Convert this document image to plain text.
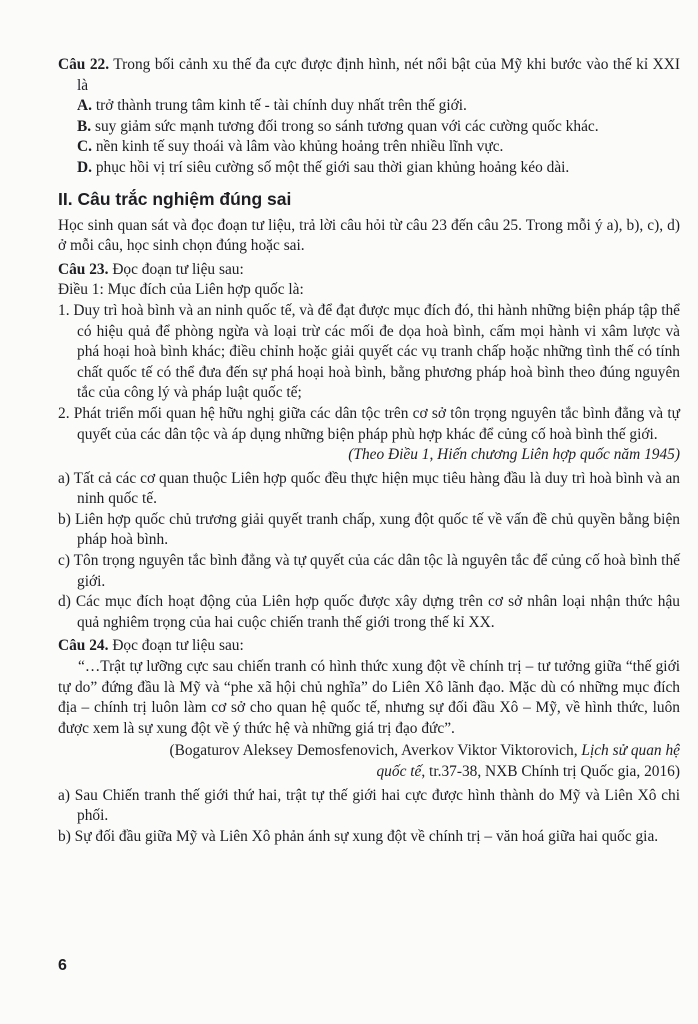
Câu 22. Trong bối cảnh xu thế đa cực được định hình, nét nổi bật của Mỹ khi bước vào thế kỉ XXI là

A. trở thành trung tâm kinh tế - tài chính duy nhất trên thế giới.

B. suy giảm sức mạnh tương đối trong so sánh tương quan với các cường quốc khác.

C. nền kinh tế suy thoái và lâm vào khủng hoảng trên nhiều lĩnh vực.

D. phục hồi vị trí siêu cường số một thế giới sau thời gian khủng hoảng kéo dài.

II. Câu trắc nghiệm đúng sai

Học sinh quan sát và đọc đoạn tư liệu, trả lời câu hỏi từ câu 23 đến câu 25. Trong mỗi ý a), b), c), d) ở mỗi câu, học sinh chọn đúng hoặc sai.

Câu 23. Đọc đoạn tư liệu sau:

Điều 1: Mục đích của Liên hợp quốc là:

1. Duy trì hoà bình và an ninh quốc tế, và để đạt được mục đích đó, thi hành những biện pháp tập thể có hiệu quả để phòng ngừa và loại trừ các mối đe dọa hoà bình, cấm mọi hành vi xâm lược và phá hoại hoà bình khác; điều chỉnh hoặc giải quyết các vụ tranh chấp hoặc những tình thế có tính chất quốc tế có thể đưa đến sự phá hoại hoà bình, bằng phương pháp hoà bình theo đúng nguyên tắc của công lý và pháp luật quốc tế;

2. Phát triển mối quan hệ hữu nghị giữa các dân tộc trên cơ sở tôn trọng nguyên tắc bình đẳng và tự quyết của các dân tộc và áp dụng những biện pháp phù hợp khác để củng cố hoà bình thế giới.

(Theo Điều 1, Hiến chương Liên hợp quốc năm 1945)

a) Tất cả các cơ quan thuộc Liên hợp quốc đều thực hiện mục tiêu hàng đầu là duy trì hoà bình và an ninh quốc tế.

b) Liên hợp quốc chủ trương giải quyết tranh chấp, xung đột quốc tế về vấn đề chủ quyền bằng biện pháp hoà bình.

c) Tôn trọng nguyên tắc bình đẳng và tự quyết của các dân tộc là nguyên tắc để củng cố hoà bình thế giới.

d) Các mục đích hoạt động của Liên hợp quốc được xây dựng trên cơ sở nhân loại nhận thức hậu quả nghiêm trọng của hai cuộc chiến tranh thế giới trong thế kỉ XX.

Câu 24. Đọc đoạn tư liệu sau:

“…Trật tự lưỡng cực sau chiến tranh có hình thức xung đột về chính trị – tư tưởng giữa “thế giới tự do” đứng đầu là Mỹ và “phe xã hội chủ nghĩa” do Liên Xô lãnh đạo. Mặc dù có những mục đích địa – chính trị luôn làm cơ sở cho quan hệ quốc tế, nhưng sự đối đầu Xô – Mỹ, về hình thức, luôn được xem là sự xung đột về ý thức hệ và những giá trị đạo đức”.

(Bogaturov Aleksey Demosfenovich, Averkov Viktor Viktorovich, Lịch sử quan hệ quốc tế, tr.37-38, NXB Chính trị Quốc gia, 2016)

a) Sau Chiến tranh thế giới thứ hai, trật tự thế giới hai cực được hình thành do Mỹ và Liên Xô chi phối.

b) Sự đối đầu giữa Mỹ và Liên Xô phản ánh sự xung đột về chính trị – văn hoá giữa hai quốc gia.

6
